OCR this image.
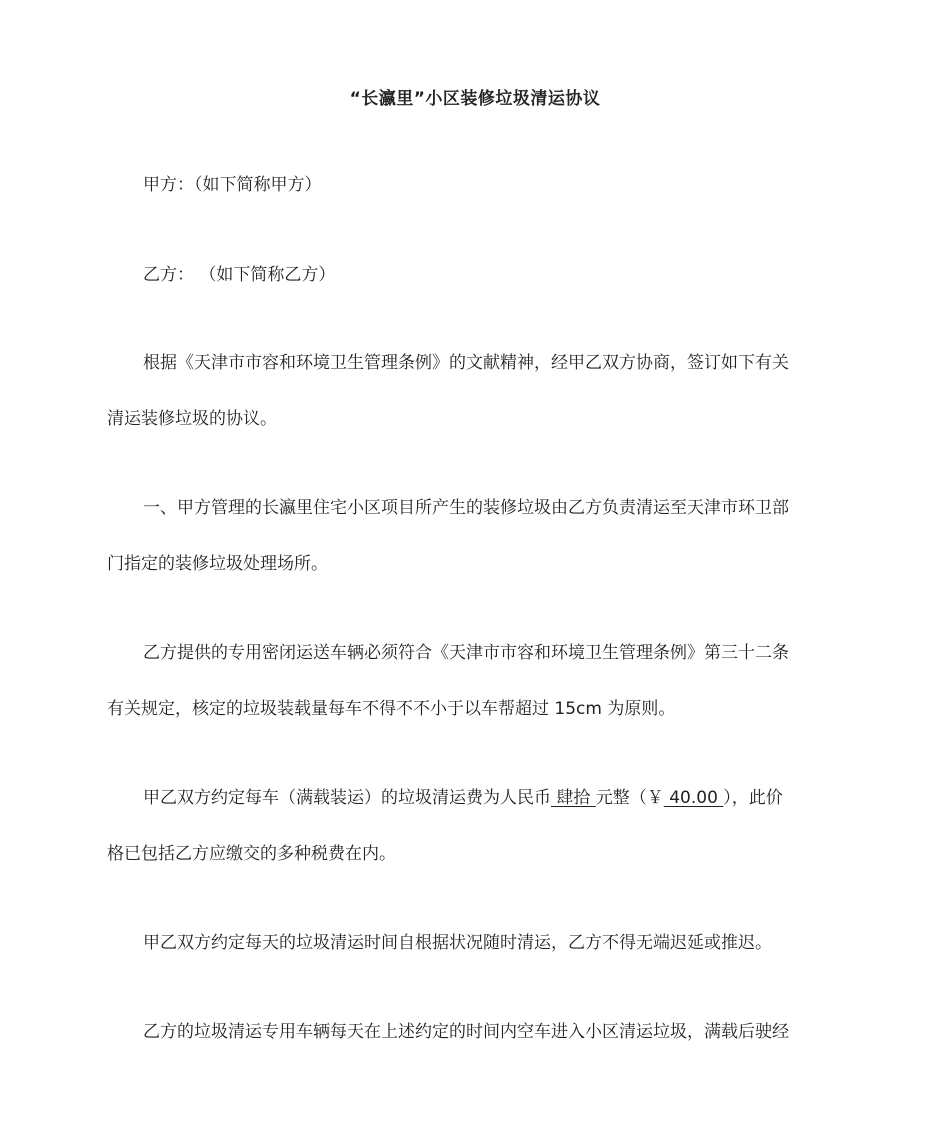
“长瀛里”小区装修垃圾清运协议
甲方：（如下简称甲方）
乙方： （如下简称乙方）
根据《天津市市容和环境卫生管理条例》的文献精神，经甲乙双方协商，签订如下有关
清运装修垃圾的协议。
一、甲方管理的长瀛里住宅小区项目所产生的装修垃圾由乙方负责清运至天津市环卫部
门指定的装修垃圾处理场所。
乙方提供的专用密闭运送车辆必须符合《天津市市容和环境卫生管理条例》第三十二条
有关规定，核定的垃圾装载量每车不得不不小于以车帮超过 15cm 为原则。
甲乙双方约定每车（满载装运）的垃圾清运费为人民币 肆拾 元整（￥ 40.00 ），此价
格已包括乙方应缴交的多种税费在内。
甲乙双方约定每天的垃圾清运时间自根据状况随时清运，乙方不得无端迟延或推迟。
乙方的垃圾清运专用车辆每天在上述约定的时间内空车进入小区清运垃圾，满载后驶经
